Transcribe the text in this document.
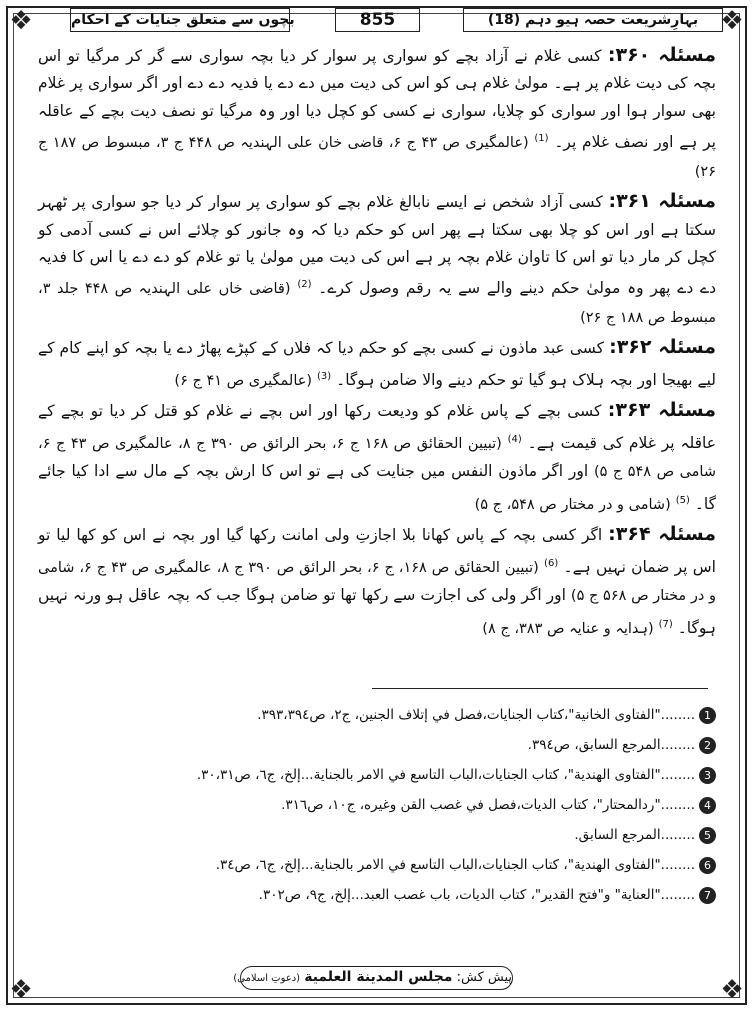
❖	❖
❖	❖
بہارِشریعت حصہ ہیو دہم (18)
855
بچوں سے متعلق جنایات کے احکام

مسئلہ ۳۶۰: کسی غلام نے آزاد بچے کو سواری پر سوار کر دیا بچہ سواری سے گر کر مرگیا تو اس بچہ کی دیت غلام پر ہے۔ مولیٰ غلام ہی کو اس کی دیت میں دے دے یا فدیہ دے دے اور اگر سواری پر غلام بھی سوار ہوا اور سواری کو چلایا، سواری نے کسی کو کچل دیا اور وہ مرگیا تو نصف دیت بچے کے عاقلہ پر ہے اور نصف غلام پر۔ $^{(1)}$ (عالمگیری ص ۴۳ ج ۶، قاضی خان علی الہندیہ ص ۴۴۸ ج ۳، مبسوط ص ۱۸۷ ج ۲۶)

مسئلہ ۳۶۱: کسی آزاد شخص نے ایسے نابالغ غلام بچے کو سواری پر سوار کر دیا جو سواری پر ٹھہر سکتا ہے اور اس کو چلا بھی سکتا ہے پھر اس کو حکم دیا کہ وہ جانور کو چلائے اس نے کسی آدمی کو کچل کر مار دیا تو اس کا تاوان غلام بچہ پر ہے اس کی دیت میں مولیٰ یا تو غلام کو دے دے یا اس کا فدیہ دے دے پھر وہ مولیٰ حکم دینے والے سے یہ رقم وصول کرے۔ $^{(2)}$ (قاضی خاں علی الہندیہ ص ۴۴۸ جلد ۳، مبسوط ص ۱۸۸ ج ۲۶)

مسئلہ ۳۶۲: کسی عبد ماذون نے کسی بچے کو حکم دیا کہ فلاں کے کپڑے پھاڑ دے یا بچہ کو اپنے کام کے لیے بھیجا اور بچہ ہلاک ہو گیا تو حکم دینے والا ضامن ہوگا۔ $^{(3)}$ (عالمگیری ص ۴۱ ج ۶)

مسئلہ ۳۶۳: کسی بچے کے پاس غلام کو ودیعت رکھا اور اس بچے نے غلام کو قتل کر دیا تو بچے کے عاقلہ پر غلام کی قیمت ہے۔ $^{(4)}$ (تبیین الحقائق ص ۱۶۸ ج ۶، بحر الرائق ص ۳۹۰ ج ۸، عالمگیری ص ۴۳ ج ۶، شامی ص ۵۴۸ ج ۵) اور اگر ماذون النفس میں جنایت کی ہے تو اس کا ارش بچہ کے مال سے ادا کیا جائے گا۔ $^{(5)}$ (شامی و در مختار ص ۵۴۸، ج ۵)

مسئلہ ۳۶۴: اگر کسی بچہ کے پاس کھانا بلا اجازتِ ولی امانت رکھا گیا اور بچہ نے اس کو کھا لیا تو اس پر ضمان نہیں ہے۔ $^{(6)}$ (تبیین الحقائق ص ۱۶۸، ج ۶، بحر الرائق ص ۳۹۰ ج ۸، عالمگیری ص ۴۳ ج ۶، شامی و در مختار ص ۵۶۸ ج ۵) اور اگر ولی کی اجازت سے رکھا تھا تو ضامن ہوگا جب کہ بچہ عاقل ہو ورنہ نہیں ہوگا۔ $^{(7)}$ (ہدایہ و عنایہ ص ۳۸۳، ج ۸)

1........"الفتاوى الخانية"،كتاب الجنايات،فصل في إتلاف الجنين، ج۲، ص۳۹۳،۳۹٤.
2........المرجع السابق، ص۳۹٤.
3........"الفتاوى الهندية"، كتاب الجنايات،الباب التاسع في الامر بالجناية...إلخ، ج٦، ص۳۰،۳۱.
4........"ردالمحتار"، كتاب الديات،فصل في غصب القن وغيره، ج۱۰، ص۳۱٦.
5........المرجع السابق.
6........"الفتاوى الهندية"، كتاب الجنايات،الباب التاسع في الامر بالجناية...إلخ، ج٦، ص۳٤.
7........"العناية" و"فتح القدير"، كتاب الديات، باب غصب العبد...إلخ، ج۹، ص۳۰۲.
پیش کش: مجلس المدينة العلمية (دعوتِ اسلامی)
